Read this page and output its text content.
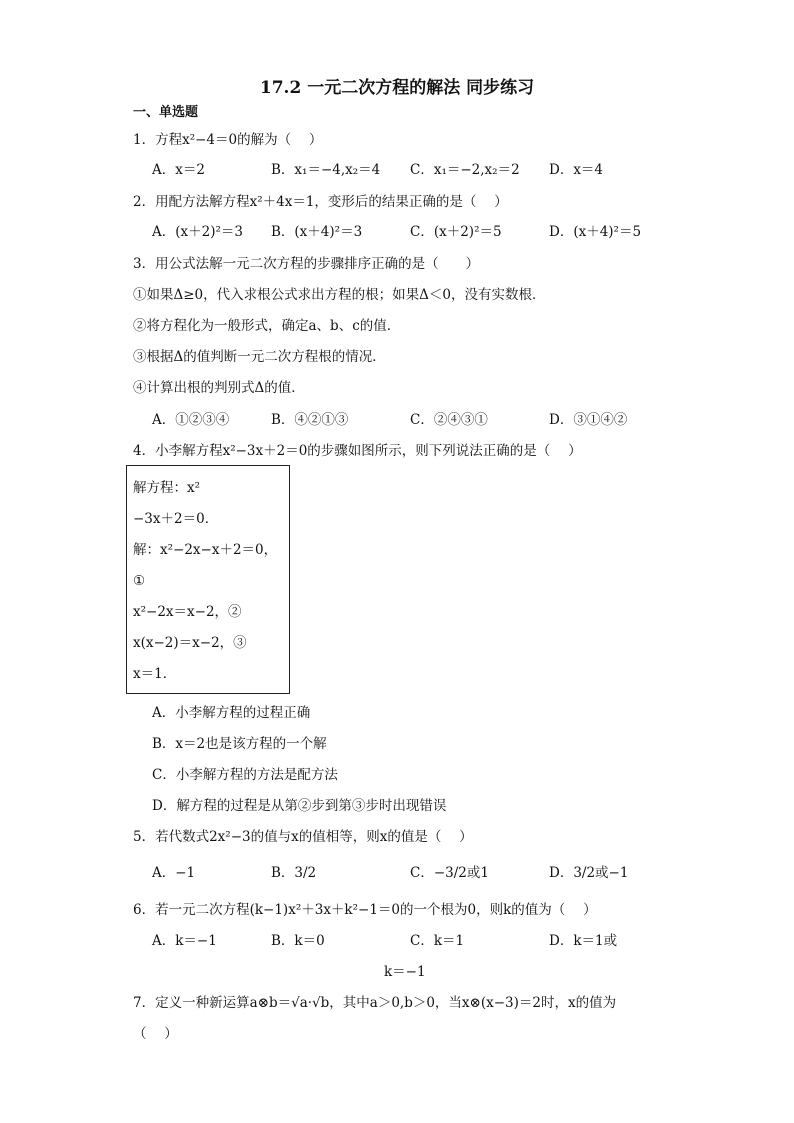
17.2 一元二次方程的解法 同步练习
一、单选题
1．方程x²−4＝0的解为（　 ）
A．x＝2	B．x₁＝−4,x₂＝4 C．x₁＝−2,x₂＝2 D．x＝4
2．用配方法解方程x²＋4x＝1，变形后的结果正确的是（　 ）
A．(x＋2)²＝3 B．(x＋4)²＝3	C．(x＋2)²＝5	D．(x＋4)²＝5
3．用公式法解一元二次方程的步骤排序正确的是（　　）
①如果Δ≥0，代入求根公式求出方程的根；如果Δ＜0，没有实数根．
②将方程化为一般形式，确定a、b、c的值．
③根据Δ的值判断一元二次方程根的情况．
④计算出根的判别式Δ的值．
A．①②③④	B．④②①③	C．②④③①	D．③①④②
4．小李解方程x²−3x＋2＝0的步骤如图所示，则下列说法正确的是（　 ）
解方程：x²
−3x＋2＝0．
解：x²−2x−x＋2＝0，
①
x²−2x＝x−2，②
x(x−2)＝x−2，③
x＝1．
A．小李解方程的过程正确
B．x＝2也是该方程的一个解
C．小李解方程的方法是配方法
D．解方程的过程是从第②步到第③步时出现错误
5．若代数式2x²−3的值与x的值相等，则x的值是（　 ）
A．−1	B．3/2	C．−3/2或1	D．3/2或−1
6．若一元二次方程(k−1)x²＋3x＋k²−1＝0的一个根为0，则k的值为（　 ）
A．k＝−1	B．k＝0	C．k＝1	D．k＝1或
k＝−1
7．定义一种新运算a⊗b＝√a·√b，其中a＞0,b＞0，当x⊗(x−3)＝2时，x的值为
（　 ）
